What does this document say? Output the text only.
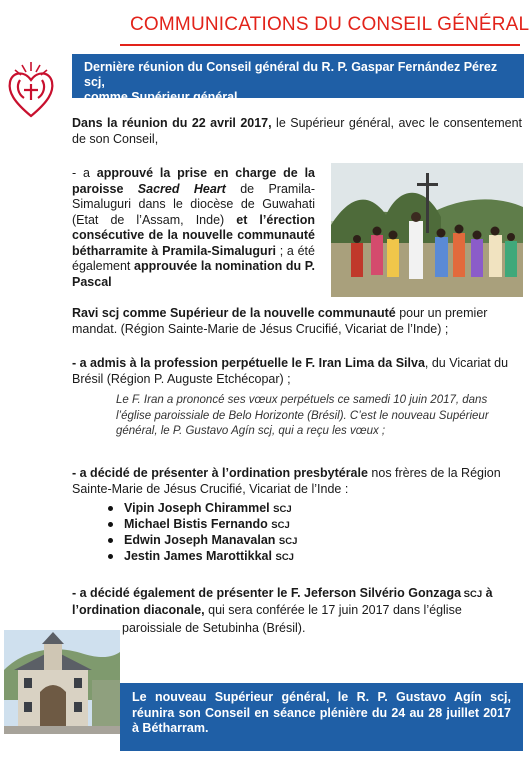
COMMUNICATIONS DU CONSEIL GÉNÉRAL
Dernière réunion du Conseil général du R. P. Gaspar Fernández Pérez scj,
comme Supérieur général
Dans la réunion du 22 avril 2017, le Supérieur général, avec le consentement de son Conseil,
- a approuvé la prise en charge de la paroisse Sacred Heart de Pramila-Simaluguri dans le diocèse de Guwahati (Etat de l’Assam, Inde) et l’érection consécutive de la nouvelle communauté bétharramite à Pramila-Simaluguri ; a été également approuvée la nomination du P. Pascal
Ravi scj comme Supérieur de la nouvelle communauté pour un premier mandat. (Région Sainte-Marie de Jésus Crucifié, Vicariat de l’Inde) ;
- a admis à la profession perpétuelle le F. Iran Lima da Silva, du Vicariat du Brésil (Région P. Auguste Etchécopar) ;
Le F. Iran a prononcé ses vœux perpétuels ce samedi 10 juin 2017, dans l’église paroissiale de Belo Horizonte (Brésil). C’est le nouveau Supérieur général, le P. Gustavo Agín scj, qui a reçu les vœux ;
- a décidé de présenter à l’ordination presbytérale nos frères de la Région Sainte-Marie de Jésus Crucifié, Vicariat de l’Inde :
Vipin Joseph Chirammel SCJ
Michael Bistis Fernando SCJ
Edwin Joseph Manavalan SCJ
Jestin James Marottikkal SCJ
- a décidé également de présenter le F. Jeferson Silvério Gonzaga SCJ à l’ordination diaconale, qui sera conférée le 17 juin 2017 dans l’église
paroissiale de Setubinha (Brésil).
Le nouveau Supérieur général, le R. P. Gustavo Agín scj, réunira son Conseil en séance plénière du 24 au 28 juillet 2017 à Bétharram.
